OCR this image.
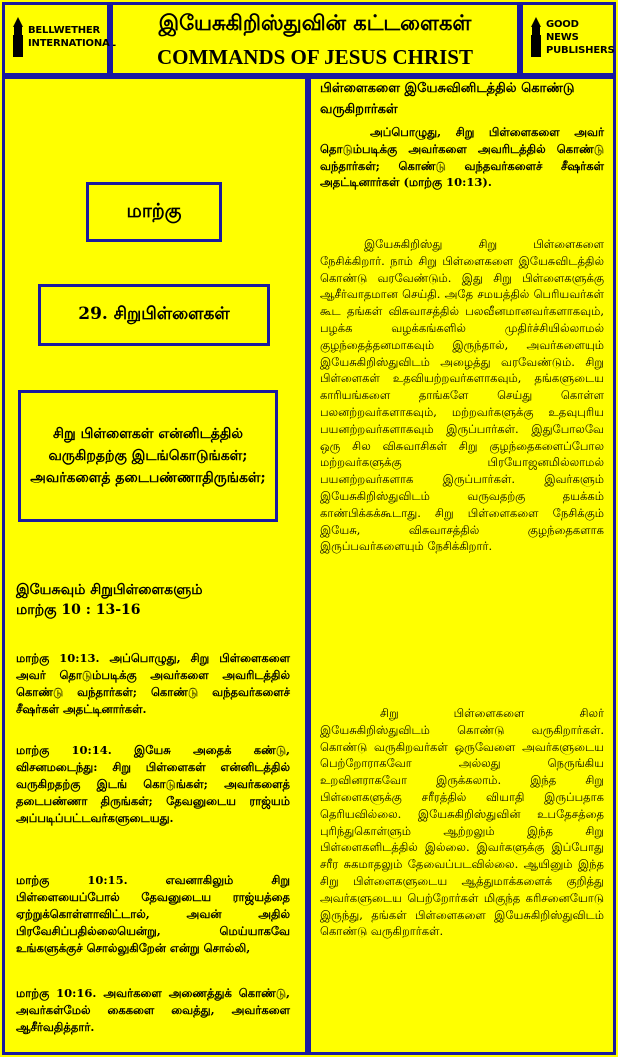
BELLWETHER INTERNATIONAL
இயேசுகிறிஸ்துவின் கட்டளைகள்
COMMANDS OF JESUS CHRIST
GOOD NEWS PUBLISHERS
மாற்கு
29. சிறுபிள்ளைகள்
சிறு பிள்ளைகள் என்னிடத்தில் வருகிறதற்கு இடங்கொடுங்கள்; அவர்களைத் தடைபண்ணாதிருங்கள்;
இயேசுவும் சிறுபிள்ளைகளும்
மாற்கு 10 : 13-16
மாற்கு 10:13. அப்பொழுது, சிறு பிள்ளைகளை அவர் தொடும்படிக்கு அவர்களை அவரிடத்தில் கொண்டு வந்தார்கள்; கொண்டு வந்தவர்களைச் சீஷர்கள் அதட்டினார்கள்.
மாற்கு 10:14. இயேசு அதைக் கண்டு, விசனமடைந்து: சிறு பிள்ளைகள் என்னிடத்தில் வருகிறதற்கு இடங் கொடுங்கள்; அவர்களைத் தடைபண்ணா திருங்கள்; தேவனுடைய ராஜ்யம் அப்படிப்பட்டவர்களுடையது.
மாற்கு 10:15. எவனாகிலும் சிறு பிள்ளையைப்போல் தேவனுடைய ராஜ்யத்தை ஏற்றுக்கொள்ளாவிட்டால், அவன் அதில் பிரவேசிப்பதில்லையென்று, மெய்யாகவே உங்களுக்குச் சொல்லுகிறேன் என்று சொல்லி,
மாற்கு 10:16. அவர்களை அணைத்துக் கொண்டு, அவர்கள்மேல் கைகளை வைத்து, அவர்களை ஆசீர்வதித்தார்.
பிள்ளைகளை இயேசுவினிடத்தில் கொண்டு வருகிறார்கள்
அப்பொழுது, சிறு பிள்ளைகளை அவர் தொடும்படிக்கு அவர்களை அவரிடத்தில் கொண்டு வந்தார்கள்; கொண்டு வந்தவர்களைச் சீஷர்கள் அதட்டினார்கள் (மாற்கு 10:13).
இயேசுகிறிஸ்து சிறு பிள்ளைகளை நேசிக்கிறார். நாம் சிறு பிள்ளைகளை இயேசுவிடத்தில் கொண்டு வரவேண்டும். இது சிறு பிள்ளைகளுக்கு ஆசீர்வாதமான செய்தி. அதே சமயத்தில் பெரியவர்கள் கூட தங்கள் விசுவாசத்தில் பலவீனமானவர்களாகவும், பழக்க வழக்கங்களில் முதிர்ச்சியில்லாமல் குழந்தைத்தனமாகவும் இருந்தால், அவர்களையும் இயேசுகிறிஸ்துவிடம் அழைத்து வரவேண்டும். சிறு பிள்ளைகள் உதவியற்றவர்களாகவும், தங்களுடைய காரியங்களை தாங்களே செய்து கொள்ள பலனற்றவர்களாகவும், மற்றவர்களுக்கு உதவுபுரிய பயனற்றவர்களாகவும் இருப்பார்கள். இதுபோலவே ஒரு சில விசுவாசிகள் சிறு குழந்தைகளைப்போல மற்றவர்களுக்கு பிரயோஜனமில்லாமல் பயனற்றவர்களாக இருப்பார்கள். இவர்களும் இயேசுகிறிஸ்துவிடம் வருவதற்கு தயக்கம் காண்பிக்கக்கூடாது. சிறு பிள்ளைகளை நேசிக்கும் இயேசு, விசுவாசத்தில் குழந்தைகளாக இருப்பவர்களையும் நேசிக்கிறார்.
சிறு பிள்ளைகளை சிலர் இயேசுகிறிஸ்துவிடம் கொண்டு வருகிறார்கள். கொண்டு வருகிறவர்கள் ஒருவேளை அவர்களுடைய பெற்றோராகவோ அல்லது நெருங்கிய உறவினராகவோ இருக்கலாம். இந்த சிறு பிள்ளைகளுக்கு சரீரத்தில் வியாதி இருப்பதாக தெரியவில்லை. இயேசுகிறிஸ்துவின் உபதேசத்தை புரிந்துகொள்ளும் ஆற்றலும் இந்த சிறு பிள்ளைகளிடத்தில் இல்லை. இவர்களுக்கு இப்போது சரீர சுகமாதலும் தேவைப்படவில்லை. ஆயினும் இந்த சிறு பிள்ளைகளுடைய ஆத்துமாக்களைக் குறித்து அவர்களுடைய பெற்றோர்கள் மிகுந்த கரிசனையோடு இருந்து, தங்கள் பிள்ளைகளை இயேசுகிறிஸ்துவிடம் கொண்டு வருகிறார்கள்.
